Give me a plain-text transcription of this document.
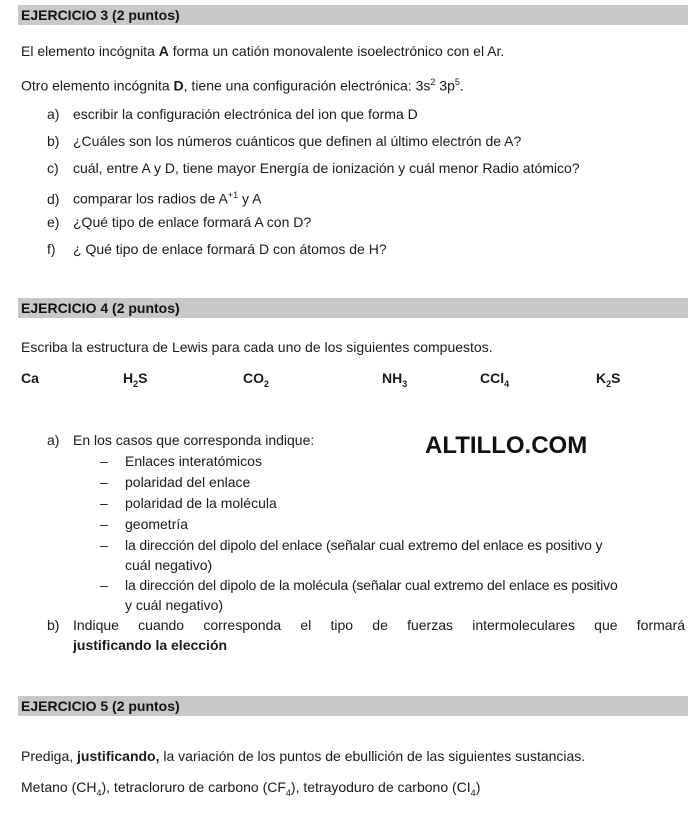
EJERCICIO 3 (2 puntos)
El elemento incógnita A forma un catión monovalente isoelectrónico con el Ar.
Otro elemento incógnita D, tiene una configuración electrónica: $3s^2$ $3p^5$.
a) escribir la configuración electrónica del ion que forma D
b) ¿Cuáles son los números cuánticos que definen al último electrón de A?
c) cuál, entre A y D, tiene mayor Energía de ionización y cuál menor Radio atómico?
d) comparar los radios de $A^{+1}$ y A
e) ¿Qué tipo de enlace formará A con D?
f) ¿ Qué tipo de enlace formará D con átomos de H?
EJERCICIO 4 (2 puntos)
Escriba la estructura de Lewis para cada uno de los siguientes compuestos.
Ca	$H_2S$	$CO_2$	$NH_3$	CCl$_4$	$K_2S$
a) En los casos que corresponda indique:	ALTILLO.COM
– Enlaces interatómicos
– polaridad del enlace
– polaridad de la molécula
– geometría
– la dirección del dipolo del enlace (señalar cual extremo del enlace es positivo y
cuál negativo)
– la dirección del dipolo de la molécula (señalar cual extremo del enlace es positivo
y cuál negativo)
b) Indique cuando corresponda el tipo de fuerzas intermoleculares que formará
justificando la elección
EJERCICIO 5 (2 puntos)
Prediga, justificando, la variación de los puntos de ebullición de las siguientes sustancias.
Metano $(CH_4)$, tetracloruro de carbono $(CF_4)$, tetrayoduro de carbono $(CI_4)$
